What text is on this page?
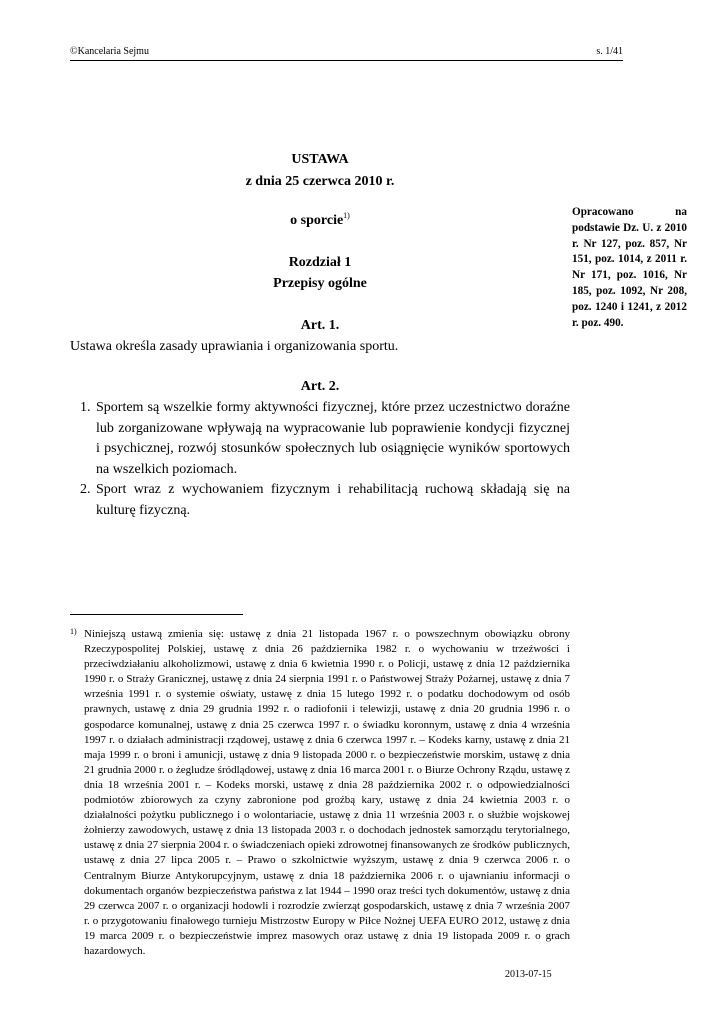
©Kancelaria Sejmu	s. 1/41
USTAWA
z dnia 25 czerwca 2010 r.
o sporcie$^{1)}$	Opracowano na podstawie Dz. U. z 2010 r. Nr 127, poz. 857, Nr 151, poz. 1014, z 2011 r. Nr 171, poz. 1016, Nr 185, poz. 1092, Nr 208, poz. 1240 i 1241, z 2012 r. poz. 490.
Rozdział 1
Przepisy ogólne
Art. 1.
Ustawa określa zasady uprawiania i organizowania sportu.
Art. 2.
1. Sportem są wszelkie formy aktywności fizycznej, które przez uczestnictwo doraźne lub zorganizowane wpływają na wypracowanie lub poprawienie kondycji fizycznej i psychicznej, rozwój stosunków społecznych lub osiągnięcie wyników sportowych na wszelkich poziomach.
2. Sport wraz z wychowaniem fizycznym i rehabilitacją ruchową składają się na kulturę fizyczną.
1) Niniejszą ustawą zmienia się: ustawę z dnia 21 listopada 1967 r. o powszechnym obowiązku obrony Rzeczypospolitej Polskiej, ustawę z dnia 26 października 1982 r. o wychowaniu w trzeźwości i przeciwdziałaniu alkoholizmowi, ustawę z dnia 6 kwietnia 1990 r. o Policji, ustawę z dnia 12 października 1990 r. o Straży Granicznej, ustawę z dnia 24 sierpnia 1991 r. o Państwowej Straży Pożarnej, ustawę z dnia 7 września 1991 r. o systemie oświaty, ustawę z dnia 15 lutego 1992 r. o podatku dochodowym od osób prawnych, ustawę z dnia 29 grudnia 1992 r. o radiofonii i telewizji, ustawę z dnia 20 grudnia 1996 r. o gospodarce komunalnej, ustawę z dnia 25 czerwca 1997 r. o świadku koronnym, ustawę z dnia 4 września 1997 r. o działach administracji rządowej, ustawę z dnia 6 czerwca 1997 r. – Kodeks karny, ustawę z dnia 21 maja 1999 r. o broni i amunicji, ustawę z dnia 9 listopada 2000 r. o bezpieczeństwie morskim, ustawę z dnia 21 grudnia 2000 r. o żegludze śródlądowej, ustawę z dnia 16 marca 2001 r. o Biurze Ochrony Rządu, ustawę z dnia 18 września 2001 r. – Kodeks morski, ustawę z dnia 28 października 2002 r. o odpowiedzialności podmiotów zbiorowych za czyny zabronione pod groźbą kary, ustawę z dnia 24 kwietnia 2003 r. o działalności pożytku publicznego i o wolontariacie, ustawę z dnia 11 września 2003 r. o służbie wojskowej żołnierzy zawodowych, ustawę z dnia 13 listopada 2003 r. o dochodach jednostek samorządu terytorialnego, ustawę z dnia 27 sierpnia 2004 r. o świadczeniach opieki zdrowotnej finansowanych ze środków publicznych, ustawę z dnia 27 lipca 2005 r. – Prawo o szkolnictwie wyższym, ustawę z dnia 9 czerwca 2006 r. o Centralnym Biurze Antykorupcyjnym, ustawę z dnia 18 października 2006 r. o ujawnianiu informacji o dokumentach organów bezpieczeństwa państwa z lat 1944 – 1990 oraz treści tych dokumentów, ustawę z dnia 29 czerwca 2007 r. o organizacji hodowli i rozrodzie zwierząt gospodarskich, ustawę z dnia 7 września 2007 r. o przygotowaniu finałowego turnieju Mistrzostw Europy w Piłce Nożnej UEFA EURO 2012, ustawę z dnia 19 marca 2009 r. o bezpieczeństwie imprez masowych oraz ustawę z dnia 19 listopada 2009 r. o grach hazardowych.
2013-07-15
